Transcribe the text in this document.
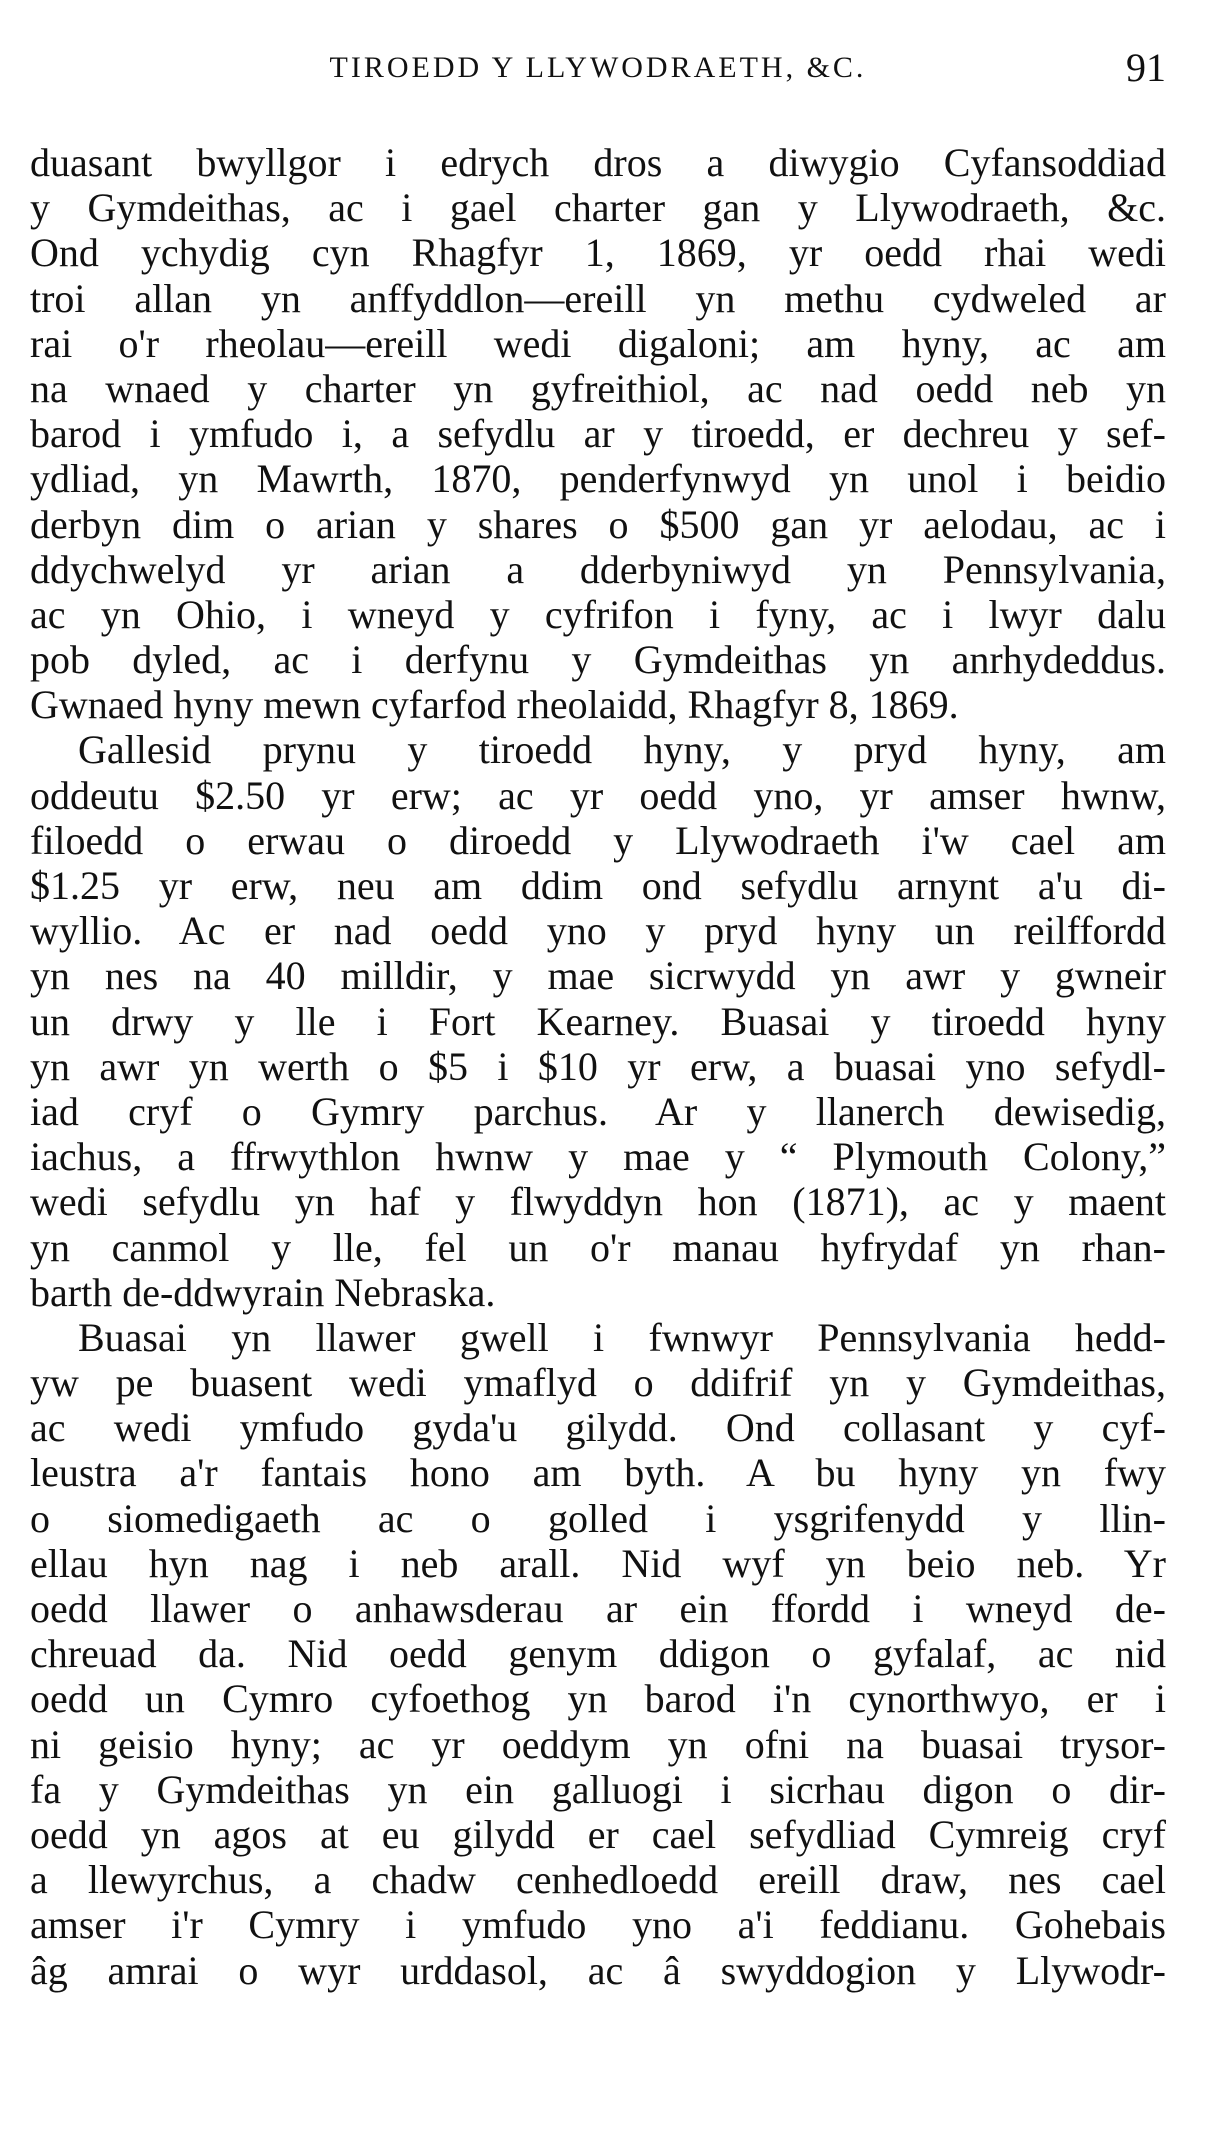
TIROEDD Y LLYWODRAETH, &C.	91
duasant bwyllgor i edrych dros a diwygio Cyfansoddiad
y Gymdeithas, ac i gael charter gan y Llywodraeth, &c.
Ond ychydig cyn Rhagfyr 1, 1869, yr oedd rhai wedi
troi allan yn anffyddlon—ereill yn methu cydweled ar
rai o'r rheolau—ereill wedi digaloni; am hyny, ac am
na wnaed y charter yn gyfreithiol, ac nad oedd neb yn
barod i ymfudo i, a sefydlu ar y tiroedd, er dechreu y sef-
ydliad, yn Mawrth, 1870, penderfynwyd yn unol i beidio
derbyn dim o arian y shares o $500 gan yr aelodau, ac i
ddychwelyd yr arian a dderbyniwyd yn Pennsylvania,
ac yn Ohio, i wneyd y cyfrifon i fyny, ac i lwyr dalu
pob dyled, ac i derfynu y Gymdeithas yn anrhydeddus.
Gwnaed hyny mewn cyfarfod rheolaidd, Rhagfyr 8, 1869.
Gallesid prynu y tiroedd hyny, y pryd hyny, am
oddeutu $2.50 yr erw; ac yr oedd yno, yr amser hwnw,
filoedd o erwau o diroedd y Llywodraeth i'w cael am
$1.25 yr erw, neu am ddim ond sefydlu arnynt a'u di-
wyllio. Ac er nad oedd yno y pryd hyny un reilffordd
yn nes na 40 milldir, y mae sicrwydd yn awr y gwneir
un drwy y lle i Fort Kearney. Buasai y tiroedd hyny
yn awr yn werth o $5 i $10 yr erw, a buasai yno sefydl-
iad cryf o Gymry parchus. Ar y llanerch dewisedig,
iachus, a ffrwythlon hwnw y mae y “ Plymouth Colony,”
wedi sefydlu yn haf y flwyddyn hon (1871), ac y maent
yn canmol y lle, fel un o'r manau hyfrydaf yn rhan-
barth de-ddwyrain Nebraska.
Buasai yn llawer gwell i fwnwyr Pennsylvania hedd-
yw pe buasent wedi ymaflyd o ddifrif yn y Gymdeithas,
ac wedi ymfudo gyda'u gilydd. Ond collasant y cyf-
leustra a'r fantais hono am byth. A bu hyny yn fwy
o siomedigaeth ac o golled i ysgrifenydd y llin-
ellau hyn nag i neb arall. Nid wyf yn beio neb. Yr
oedd llawer o anhawsderau ar ein ffordd i wneyd de-
chreuad da. Nid oedd genym ddigon o gyfalaf, ac nid
oedd un Cymro cyfoethog yn barod i'n cynorthwyo, er i
ni geisio hyny; ac yr oeddym yn ofni na buasai trysor-
fa y Gymdeithas yn ein galluogi i sicrhau digon o dir-
oedd yn agos at eu gilydd er cael sefydliad Cymreig cryf
a llewyrchus, a chadw cenhedloedd ereill draw, nes cael
amser i'r Cymry i ymfudo yno a'i feddianu. Gohebais
âg amrai o wyr urddasol, ac â swyddogion y Llywodr-
